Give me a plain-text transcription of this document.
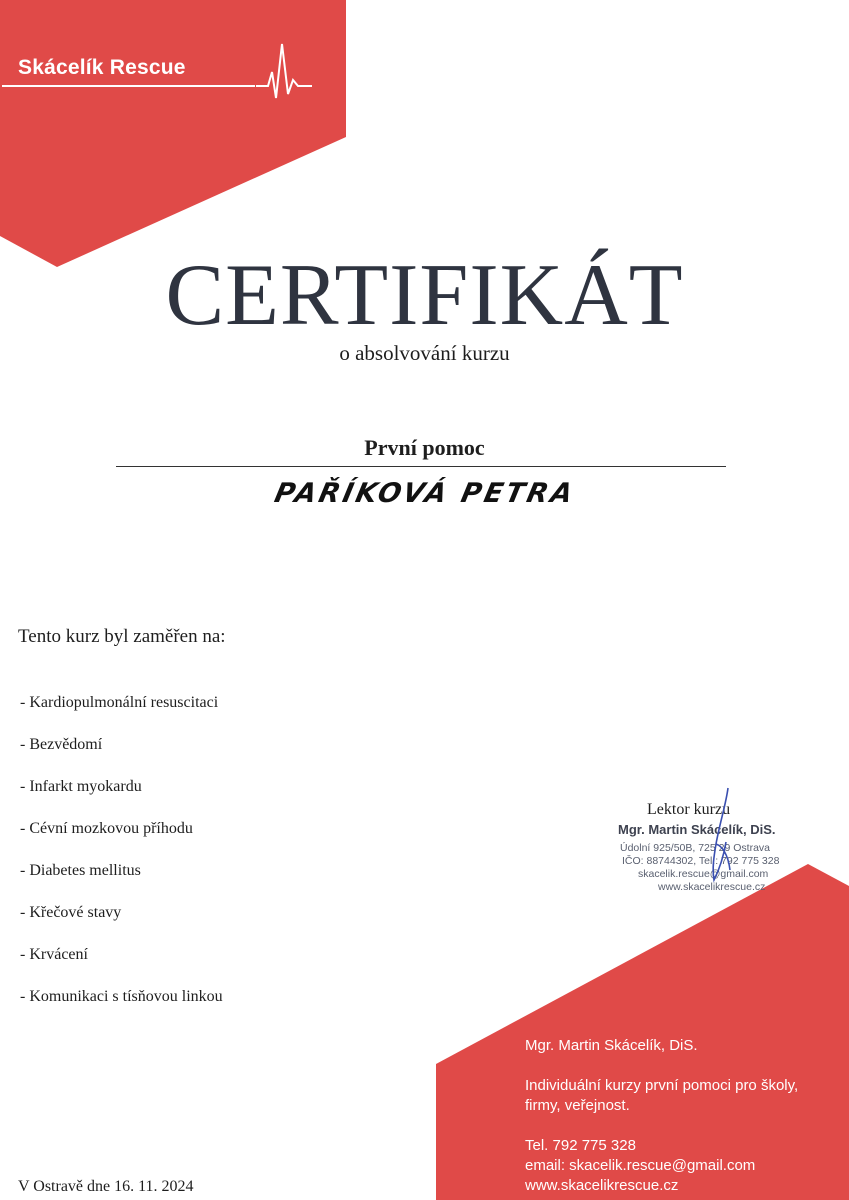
Skácelík Rescue
CERTIFIKÁT
o absolvování kurzu
První pomoc
PAŘÍKOVÁ PETRA
Tento kurz byl zaměřen na:
- Kardiopulmonální resuscitaci
- Bezvědomí
- Infarkt myokardu
- Cévní mozkovou příhodu
- Diabetes mellitus
- Křečové stavy
- Krvácení
- Komunikaci s tísňovou linkou
V Ostravě dne 16. 11. 2024
Lektor kurzu
Mgr. Martin Skácelík, DiS.
Údolní 925/50B, 725 29 Ostrava
IČO: 88744302, Tel.: 792 775 328
skacelik.rescue@gmail.com
www.skacelikrescue.cz
Mgr. Martin Skácelík, DiS.
Individuální kurzy první pomoci pro školy,
firmy, veřejnost.
Tel. 792 775 328
email: skacelik.rescue@gmail.com
www.skacelikrescue.cz
